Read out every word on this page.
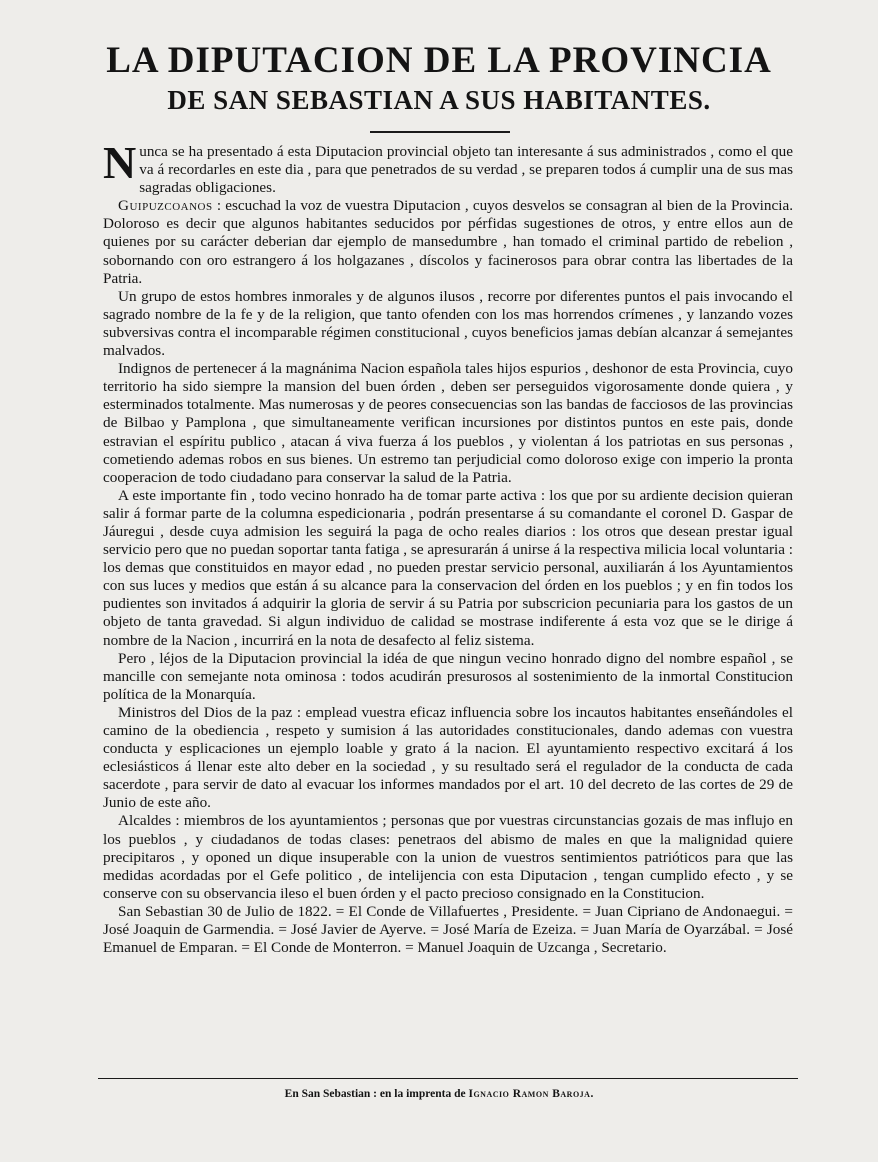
LA DIPUTACION DE LA PROVINCIA
DE SAN SEBASTIAN A SUS HABITANTES.

Nunca se ha presentado á esta Diputacion provincial objeto tan interesante á sus administrados , como el que va á recordarles en este dia , para que penetrados de su verdad , se preparen todos á cumplir una de sus mas sagradas obligaciones.

Guipuzcoanos : escuchad la voz de vuestra Diputacion , cuyos desvelos se consagran al bien de la Provincia. Doloroso es decir que algunos habitantes seducidos por pérfidas sugestiones de otros, y entre ellos aun de quienes por su carácter deberian dar ejemplo de mansedumbre , han tomado el criminal partido de rebelion , sobornando con oro estrangero á los holgazanes , díscolos y facinerosos para obrar contra las libertades de la Patria.

Un grupo de estos hombres inmorales y de algunos ilusos , recorre por diferentes puntos el pais invocando el sagrado nombre de la fe y de la religion, que tanto ofenden con los mas horrendos crímenes , y lanzando vozes subversivas contra el incomparable régimen constitucional , cuyos beneficios jamas debían alcanzar á semejantes malvados.

Indignos de pertenecer á la magnánima Nacion española tales hijos espurios , deshonor de esta Provincia, cuyo territorio ha sido siempre la mansion del buen órden , deben ser perseguidos vigorosamente donde quiera , y esterminados totalmente. Mas numerosas y de peores consecuencias son las bandas de facciosos de las provincias de Bilbao y Pamplona , que simultaneamente verifican incursiones por distintos puntos en este pais, donde estravian el espíritu publico , atacan á viva fuerza á los pueblos , y violentan á los patriotas en sus personas , cometiendo ademas robos en sus bienes. Un estremo tan perjudicial como doloroso exige con imperio la pronta cooperacion de todo ciudadano para conservar la salud de la Patria.

A este importante fin , todo vecino honrado ha de tomar parte activa : los que por su ardiente decision quieran salir á formar parte de la columna espedicionaria , podrán presentarse á su comandante el coronel D. Gaspar de Jáuregui , desde cuya admision les seguirá la paga de ocho reales diarios : los otros que desean prestar igual servicio pero que no puedan soportar tanta fatiga , se apresurarán á unirse á la respectiva milicia local voluntaria : los demas que constituidos en mayor edad , no pueden prestar servicio personal, auxiliarán á los Ayuntamientos con sus luces y medios que están á su alcance para la conservacion del órden en los pueblos ; y en fin todos los pudientes son invitados á adquirir la gloria de servir á su Patria por subscricion pecuniaria para los gastos de un objeto de tanta gravedad. Si algun individuo de calidad se mostrase indiferente á esta voz que se le dirige á nombre de la Nacion , incurrirá en la nota de desafecto al feliz sistema.

Pero , léjos de la Diputacion provincial la idéa de que ningun vecino honrado digno del nombre español , se mancille con semejante nota ominosa : todos acudirán presurosos al sostenimiento de la inmortal Constitucion política de la Monarquía.

Ministros del Dios de la paz : emplead vuestra eficaz influencia sobre los incautos habitantes enseñándoles el camino de la obediencia , respeto y sumision á las autoridades constitucionales, dando ademas con vuestra conducta y esplicaciones un ejemplo loable y grato á la nacion. El ayuntamiento respectivo excitará á los eclesiásticos á llenar este alto deber en la sociedad , y su resultado será el regulador de la conducta de cada sacerdote , para servir de dato al evacuar los informes mandados por el art. 10 del decreto de las cortes de 29 de Junio de este año.

Alcaldes : miembros de los ayuntamientos ; personas que por vuestras circunstancias gozais de mas influjo en los pueblos , y ciudadanos de todas clases: penetraos del abismo de males en que la malignidad quiere precipitaros , y oponed un dique insuperable con la union de vuestros sentimientos patrióticos para que las medidas acordadas por el Gefe politico , de intelijencia con esta Diputacion , tengan cumplido efecto , y se conserve con su observancia ileso el buen órden y el pacto precioso consignado en la Constitucion.

San Sebastian 30 de Julio de 1822. = El Conde de Villafuertes , Presidente. = Juan Cipriano de Andonaegui. = José Joaquin de Garmendia. = José Javier de Ayerve. = José María de Ezeiza. = Juan María de Oyarzábal. = José Emanuel de Emparan. = El Conde de Monterron. = Manuel Joaquin de Uzcanga , Secretario.

En San Sebastian : en la imprenta de Ignacio Ramon Baroja.
